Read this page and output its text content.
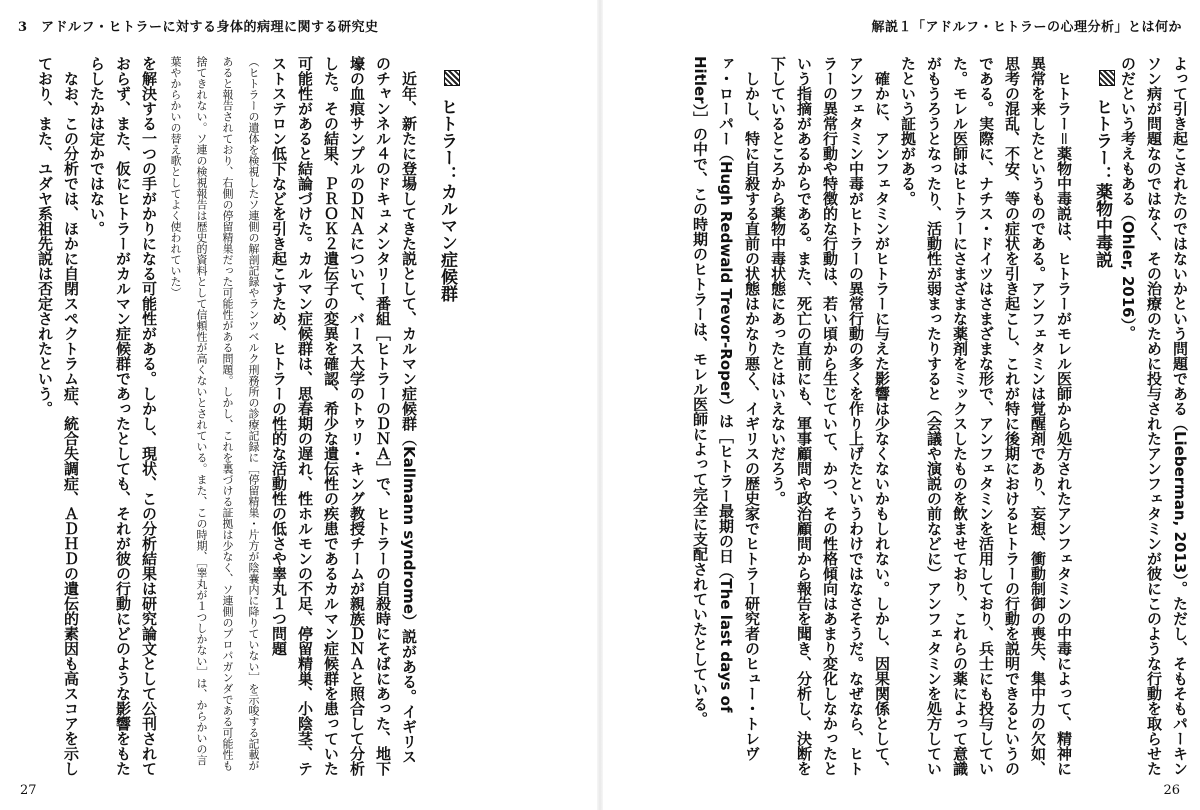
3　アドルフ・ヒトラーに対する身体的病理に関する研究史
ヒトラー：カルマン症候群

近年、新たに登場してきた説として、カルマン症候群（Kallmann syndrome）説がある。イギリスのチャンネル４のドキュメンタリー番組［ヒトラーのＤＮＡ］で、ヒトラーの自殺時にそばにあった、地下壕の血痕サンプルのＤＮＡについて、バース大学のトゥリ・キング教授チームが親族ＤＮＡと照合して分析した。その結果、ＰＲＯＫ２遺伝子の変異を確認、希少な遺伝性の疾患であるカルマン症候群を患っていた可能性があると結論づけた。カルマン症候群は、思春期の遅れ、性ホルモンの不足、停留精巣、小陰茎、テストステロン低下などを引き起こすため、ヒトラーの性的な活動性の低さや睾丸１つ問題

（ヒトラーの遺体を検視したソ連側の解剖記録やランツベルク刑務所の診療記録に［停留精巣・片方が陰嚢内に降りていない］を示唆する記載があると報告されており、右側の停留精巣だった可能性がある問題。しかし、これを裏づける証拠は少なく、ソ連側のプロパガンダである可能性も捨てきれない。ソ連の検視報告は歴史的資料として信頼性が高くないとされている。また、この時期、［睾丸が１つしかない］は、からかいの言葉やからかいの替え歌としてよく使われていた）

を解決する一つの手がかりになる可能性がある。しかし、現状、この分析結果は研究論文として公刊されておらず、また、仮にヒトラーがカルマン症候群であったとしても、それが彼の行動にどのような影響をもたらしたかは定かではない。

なお、この分析では、ほかに自閉スペクトラム症、統合失調症、ＡＤＨＤの遺伝的素因も高スコアを示しており、また、ユダヤ系祖先説は否定されたという。

27
解説１「アドルフ・ヒトラーの心理分析」とは何か

よって引き起こされたのではないかという問題である（Lieberman, 2013）。ただし、そもそもパーキンソン病が問題なのではなく、その治療のために投与されたアンフェタミンが彼にこのような行動を取らせたのだという考えもある（Ohler, 2016）。

ヒトラー：薬物中毒説

ヒトラー＝薬物中毒説は、ヒトラーがモレル医師から処方されたアンフェタミンの中毒によって、精神に異常を来したというものである。アンフェタミンは覚醒剤であり、妄想、衝動制御の喪失、集中力の欠如、思考の混乱、不安、等の症状を引き起こし、これが特に後期におけるヒトラーの行動を説明できるというのである。実際に、ナチス・ドイツはさまざまな形で、アンフェタミンを活用しており、兵士にも投与していた。モレル医師はヒトラーにさまざまな薬剤をミックスしたものを飲ませており、これらの薬によって意識がもうろうとなったり、活動性が弱まったりすると（会議や演説の前などに）アンフェタミンを処方していたという証拠がある。

確かに、アンフェタミンがヒトラーに与えた影響は少なくないかもしれない。しかし、因果関係として、アンフェタミン中毒がヒトラーの異常行動の多くを作り上げたというわけではなさそうだ。なぜなら、ヒトラーの異常行動や特徴的な行動は、若い頃から生じていて、かつ、その性格傾向はあまり変化しなかったという指摘があるからである。また、死亡の直前にも、軍事顧問や政治顧問から報告を聞き、分析し、決断を下しているところから薬物中毒状態にあったとはいえないだろう。

しかし、特に自殺する直前の状態はかなり悪く、イギリスの歴史家でヒトラー研究者のヒュー・トレヴァ・ローパー（Hugh Redwald Trevor-Roper）は［ヒトラー最期の日（The last days of Hitler）］の中で、この時期のヒトラーは、モレル医師によって完全に支配されていたとしている。

26
